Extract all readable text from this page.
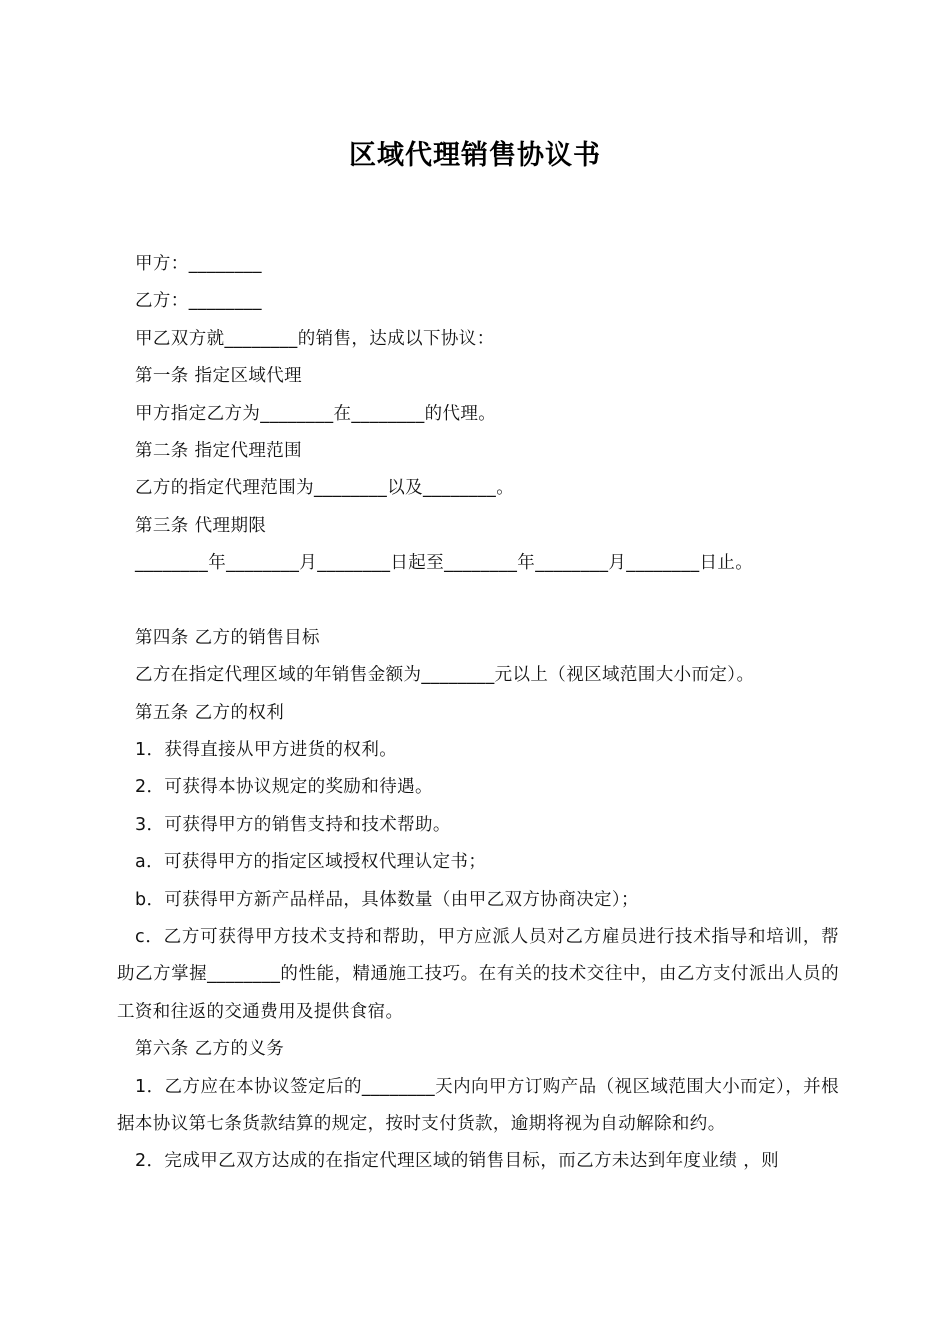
区域代理销售协议书
甲方：________
乙方：________
甲乙双方就________的销售，达成以下协议：
第一条 指定区域代理
甲方指定乙方为________在________的代理。
第二条 指定代理范围
乙方的指定代理范围为________以及________。
第三条 代理期限
________年________月________日起至________年________月________日止。
第四条 乙方的销售目标
乙方在指定代理区域的年销售金额为________元以上（视区域范围大小而定）。
第五条 乙方的权利
1．获得直接从甲方进货的权利。
2．可获得本协议规定的奖励和待遇。
3．可获得甲方的销售支持和技术帮助。
a．可获得甲方的指定区域授权代理认定书；
b．可获得甲方新产品样品，具体数量（由甲乙双方协商决定）；
c．乙方可获得甲方技术支持和帮助，甲方应派人员对乙方雇员进行技术指导和培训，帮助乙方掌握________的性能，精通施工技巧。在有关的技术交往中，由乙方支付派出人员的工资和往返的交通费用及提供食宿。
第六条 乙方的义务
1．乙方应在本协议签定后的________天内向甲方订购产品（视区域范围大小而定），并根据本协议第七条货款结算的规定，按时支付货款，逾期将视为自动解除和约。
2．完成甲乙双方达成的在指定代理区域的销售目标，而乙方未达到年度业绩 ，则
